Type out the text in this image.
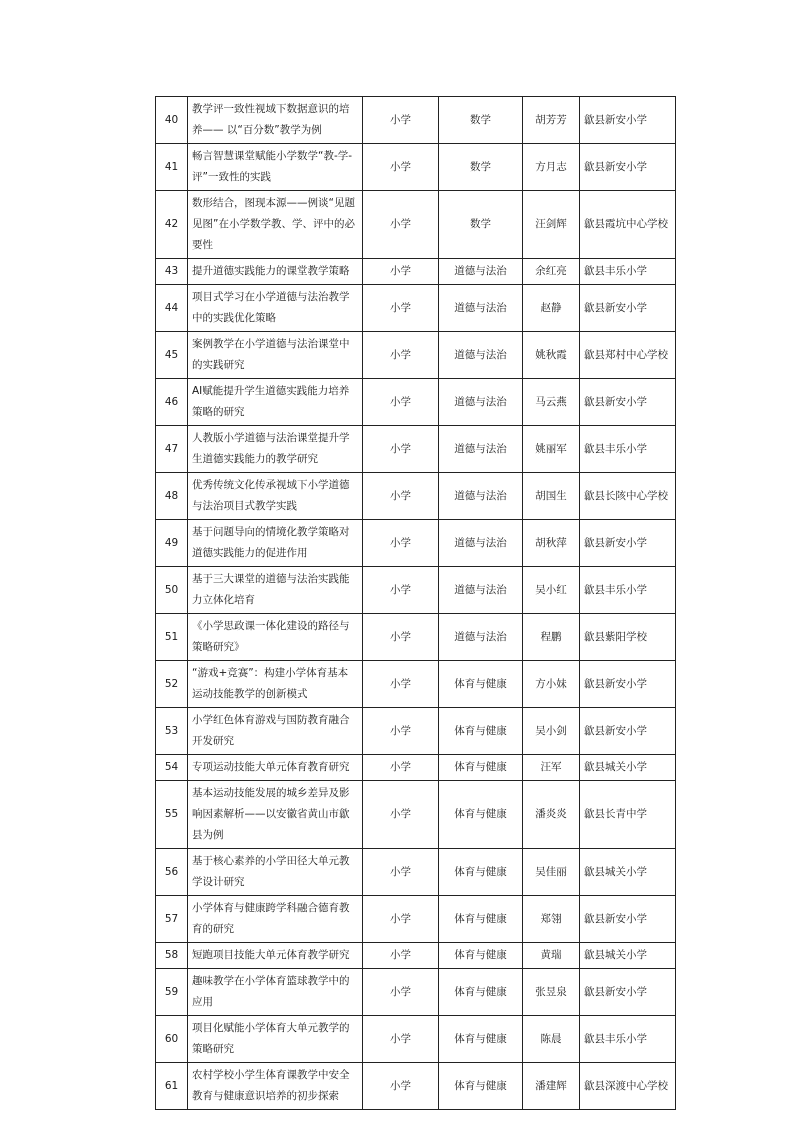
40	教学评一致性视域下数据意识的培养—— 以“百分数”教学为例	小学	数学	胡芳芳	歙县新安小学
41	畅言智慧课堂赋能小学数学“教-学-评”一致性的实践	小学	数学	方月志	歙县新安小学
42	数形结合，图现本源——例谈“见题见图”在小学数学教、学、评中的必要性	小学	数学	汪剑辉	歙县霞坑中心学校
43	提升道德实践能力的课堂教学策略	小学	道德与法治	余红亮	歙县丰乐小学
44	项目式学习在小学道德与法治教学中的实践优化策略	小学	道德与法治	赵静	歙县新安小学
45	案例教学在小学道德与法治课堂中的实践研究	小学	道德与法治	姚秋霞	歙县郑村中心学校
46	AI赋能提升学生道德实践能力培养策略的研究	小学	道德与法治	马云燕	歙县新安小学
47	人教版小学道德与法治课堂提升学生道德实践能力的教学研究	小学	道德与法治	姚丽军	歙县丰乐小学
48	优秀传统文化传承视域下小学道德与法治项目式教学实践	小学	道德与法治	胡国生	歙县长陔中心学校
49	基于问题导向的情境化教学策略对道德实践能力的促进作用	小学	道德与法治	胡秋萍	歙县新安小学
50	基于三大课堂的道德与法治实践能力立体化培育	小学	道德与法治	吴小红	歙县丰乐小学
51	《小学思政课一体化建设的路径与策略研究》	小学	道德与法治	程鹏	歙县紫阳学校
52	“游戏+竞赛”：构建小学体育基本运动技能教学的创新模式	小学	体育与健康	方小妹	歙县新安小学
53	小学红色体育游戏与国防教育融合开发研究	小学	体育与健康	吴小剑	歙县新安小学
54	专项运动技能大单元体育教育研究	小学	体育与健康	汪军	歙县城关小学
55	基本运动技能发展的城乡差异及影响因素解析——以安徽省黄山市歙县为例	小学	体育与健康	潘炎炎	歙县长青中学
56	基于核心素养的小学田径大单元教学设计研究	小学	体育与健康	吴佳丽	歙县城关小学
57	小学体育与健康跨学科融合德育教育的研究	小学	体育与健康	郑翎	歙县新安小学
58	短跑项目技能大单元体育教学研究	小学	体育与健康	黄瑞	歙县城关小学
59	趣味教学在小学体育篮球教学中的应用	小学	体育与健康	张昱泉	歙县新安小学
60	项目化赋能小学体育大单元教学的策略研究	小学	体育与健康	陈晨	歙县丰乐小学
61	农村学校小学生体育课教学中安全教育与健康意识培养的初步探索	小学	体育与健康	潘建辉	歙县深渡中心学校
